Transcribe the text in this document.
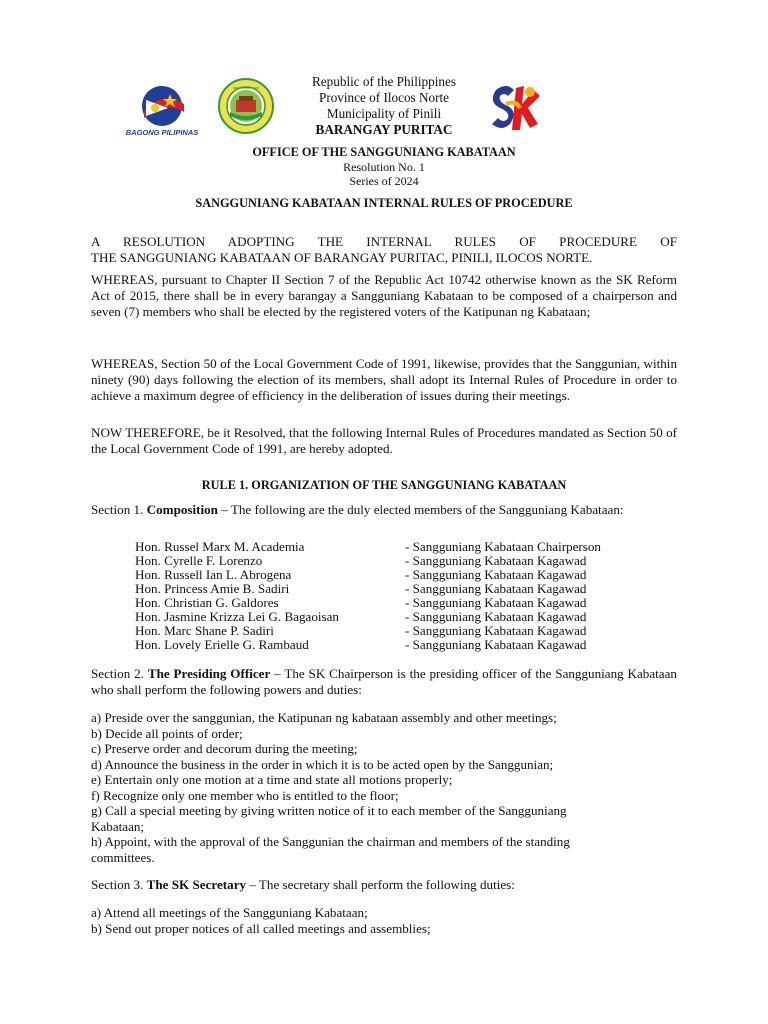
BAGONG PILIPINAS
Republic of the Philippines
Province of Ilocos Norte
Municipality of Pinili
BARANGAY PURITAC
OFFICE OF THE SANGGUNIANG KABATAAN
Resolution No. 1
Series of 2024
SANGGUNIANG KABATAAN INTERNAL RULES OF PROCEDURE
A RESOLUTION ADOPTING THE INTERNAL RULES OF PROCEDURE OF
THE SANGGUNIANG KABATAAN OF BARANGAY PURITAC, PINILI, ILOCOS NORTE.
WHEREAS, pursuant to Chapter II Section 7 of the Republic Act 10742 otherwise known as the SK Reform Act of 2015, there shall be in every barangay a Sangguniang Kabataan to be composed of a chairperson and seven (7) members who shall be elected by the registered voters of the Katipunan ng Kabataan;
WHEREAS, Section 50 of the Local Government Code of 1991, likewise, provides that the Sanggunian, within ninety (90) days following the election of its members, shall adopt its Internal Rules of Procedure in order to achieve a maximum degree of efficiency in the deliberation of issues during their meetings.
NOW THEREFORE, be it Resolved, that the following Internal Rules of Procedures mandated as Section 50 of the Local Government Code of 1991, are hereby adopted.
RULE 1. ORGANIZATION OF THE SANGGUNIANG KABATAAN
Section 1. Composition – The following are the duly elected members of the Sangguniang Kabataan:
Hon. Russel Marx M. Academia	- Sangguniang Kabataan Chairperson
Hon. Cyrelle F. Lorenzo	- Sangguniang Kabataan Kagawad
Hon. Russell Ian L. Abrogena	- Sangguniang Kabataan Kagawad
Hon. Princess Amie B. Sadiri	- Sangguniang Kabataan Kagawad
Hon. Christian G. Galdores	- Sangguniang Kabataan Kagawad
Hon. Jasmine Krizza Lei G. Bagaoisan	- Sangguniang Kabataan Kagawad
Hon. Marc Shane P. Sadiri	- Sangguniang Kabataan Kagawad
Hon. Lovely Erielle G. Rambaud	- Sangguniang Kabataan Kagawad
Section 2. The Presiding Officer – The SK Chairperson is the presiding officer of the Sangguniang Kabataan who shall perform the following powers and duties:
a) Preside over the sanggunian, the Katipunan ng kabataan assembly and other meetings;
b) Decide all points of order;
c) Preserve order and decorum during the meeting;
d) Announce the business in the order in which it is to be acted open by the Sanggunian;
e) Entertain only one motion at a time and state all motions properly;
f) Recognize only one member who is entitled to the floor;
g) Call a special meeting by giving written notice of it to each member of the Sangguniang
Kabataan;
h) Appoint, with the approval of the Sanggunian the chairman and members of the standing
committees.
Section 3. The SK Secretary – The secretary shall perform the following duties:
a) Attend all meetings of the Sangguniang Kabataan;
b) Send out proper notices of all called meetings and assemblies;
